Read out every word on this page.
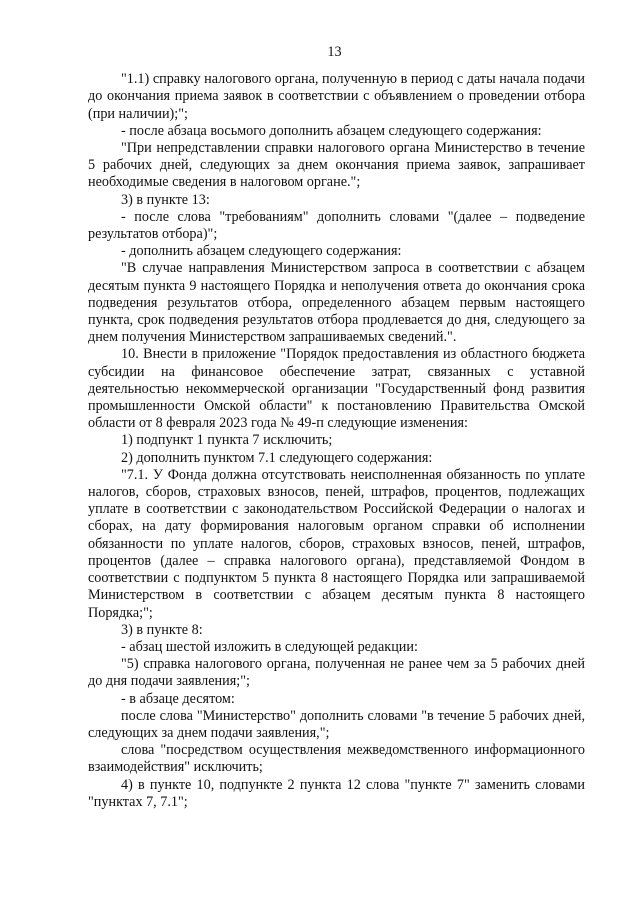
13

"1.1) справку налогового органа, полученную в период с даты начала подачи до окончания приема заявок в соответствии с объявлением о проведении отбора (при наличии);";

- после абзаца восьмого дополнить абзацем следующего содержания:

"При непредставлении справки налогового органа Министерство в течение 5 рабочих дней, следующих за днем окончания приема заявок, запрашивает необходимые сведения в налоговом органе.";

3) в пункте 13:

- после слова "требованиям" дополнить словами "(далее – подведение результатов отбора)";

- дополнить абзацем следующего содержания:

"В случае направления Министерством запроса в соответствии с абзацем десятым пункта 9 настоящего Порядка и неполучения ответа до окончания срока подведения результатов отбора, определенного абзацем первым настоящего пункта, срок подведения результатов отбора продлевается до дня, следующего за днем получения Министерством запрашиваемых сведений.".

10. Внести в приложение "Порядок предоставления из областного бюджета субсидии на финансовое обеспечение затрат, связанных с уставной деятельностью некоммерческой организации "Государственный фонд развития промышленности Омской области" к постановлению Правительства Омской области от 8 февраля 2023 года № 49-п следующие изменения:

1) подпункт 1 пункта 7 исключить;

2) дополнить пунктом 7.1 следующего содержания:

"7.1. У Фонда должна отсутствовать неисполненная обязанность по уплате налогов, сборов, страховых взносов, пеней, штрафов, процентов, подлежащих уплате в соответствии с законодательством Российской Федерации о налогах и сборах, на дату формирования налоговым органом справки об исполнении обязанности по уплате налогов, сборов, страховых взносов, пеней, штрафов, процентов (далее – справка налогового органа), представляемой Фондом в соответствии с подпунктом 5 пункта 8 настоящего Порядка или запрашиваемой Министерством в соответствии с абзацем десятым пункта 8 настоящего Порядка;";

3) в пункте 8:

- абзац шестой изложить в следующей редакции:

"5) справка налогового органа, полученная не ранее чем за 5 рабочих дней до дня подачи заявления;";

- в абзаце десятом:

после слова "Министерство" дополнить словами "в течение 5 рабочих дней, следующих за днем подачи заявления,";

слова "посредством осуществления межведомственного информационного взаимодействия" исключить;

4) в пункте 10, подпункте 2 пункта 12 слова "пункте 7" заменить словами "пунктах 7, 7.1";
